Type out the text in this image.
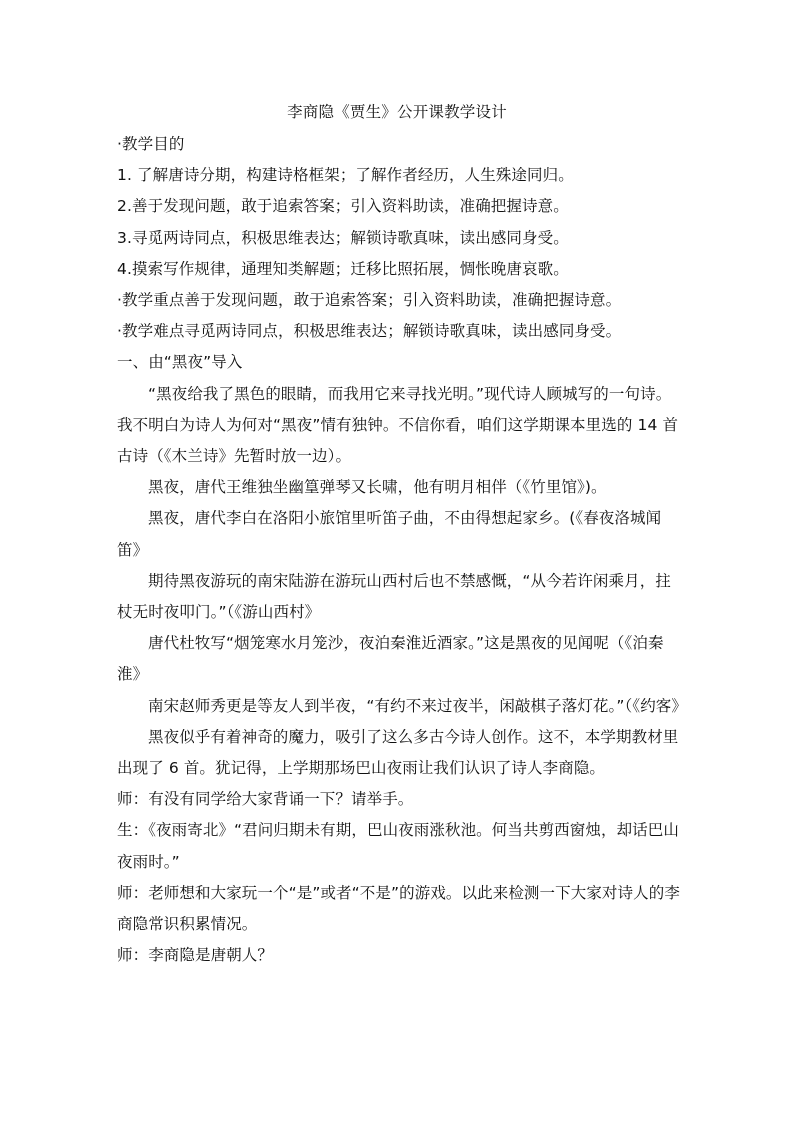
李商隐《贾生》公开课教学设计

·教学目的

1. 了解唐诗分期，构建诗格框架；了解作者经历，人生殊途同归。

2.善于发现问题，敢于追索答案；引入资料助读，准确把握诗意。

3.寻觅两诗同点，积极思维表达；解锁诗歌真味，读出感同身受。

4.摸索写作规律，通理知类解题；迁移比照拓展，惆怅晚唐哀歌。

·教学重点善于发现问题，敢于追索答案；引入资料助读，准确把握诗意。

·教学难点寻觅两诗同点，积极思维表达；解锁诗歌真味，读出感同身受。

一、由“黑夜”导入

“黑夜给我了黑色的眼睛，而我用它来寻找光明。”现代诗人顾城写的一句诗。我不明白为诗人为何对“黑夜”情有独钟。不信你看，咱们这学期课本里选的 14 首古诗（《木兰诗》先暂时放一边）。

黑夜，唐代王维独坐幽篁弹琴又长啸，他有明月相伴（《竹里馆》)。

黑夜，唐代李白在洛阳小旅馆里听笛子曲，不由得想起家乡。(《春夜洛城闻笛》

期待黑夜游玩的南宋陆游在游玩山西村后也不禁感慨，“从今若许闲乘月，拄杖无时夜叩门。”（《游山西村》

唐代杜牧写“烟笼寒水月笼沙，夜泊秦淮近酒家。”这是黑夜的见闻呢（《泊秦淮》

南宋赵师秀更是等友人到半夜，“有约不来过夜半，闲敲棋子落灯花。”（《约客》

黑夜似乎有着神奇的魔力，吸引了这么多古今诗人创作。这不，本学期教材里出现了 6 首。犹记得，上学期那场巴山夜雨让我们认识了诗人李商隐。

师：有没有同学给大家背诵一下？请举手。

生：《夜雨寄北》“君问归期未有期，巴山夜雨涨秋池。何当共剪西窗烛，却话巴山夜雨时。”

师：老师想和大家玩一个“是”或者“不是”的游戏。以此来检测一下大家对诗人的李商隐常识积累情况。

师：李商隐是唐朝人？
